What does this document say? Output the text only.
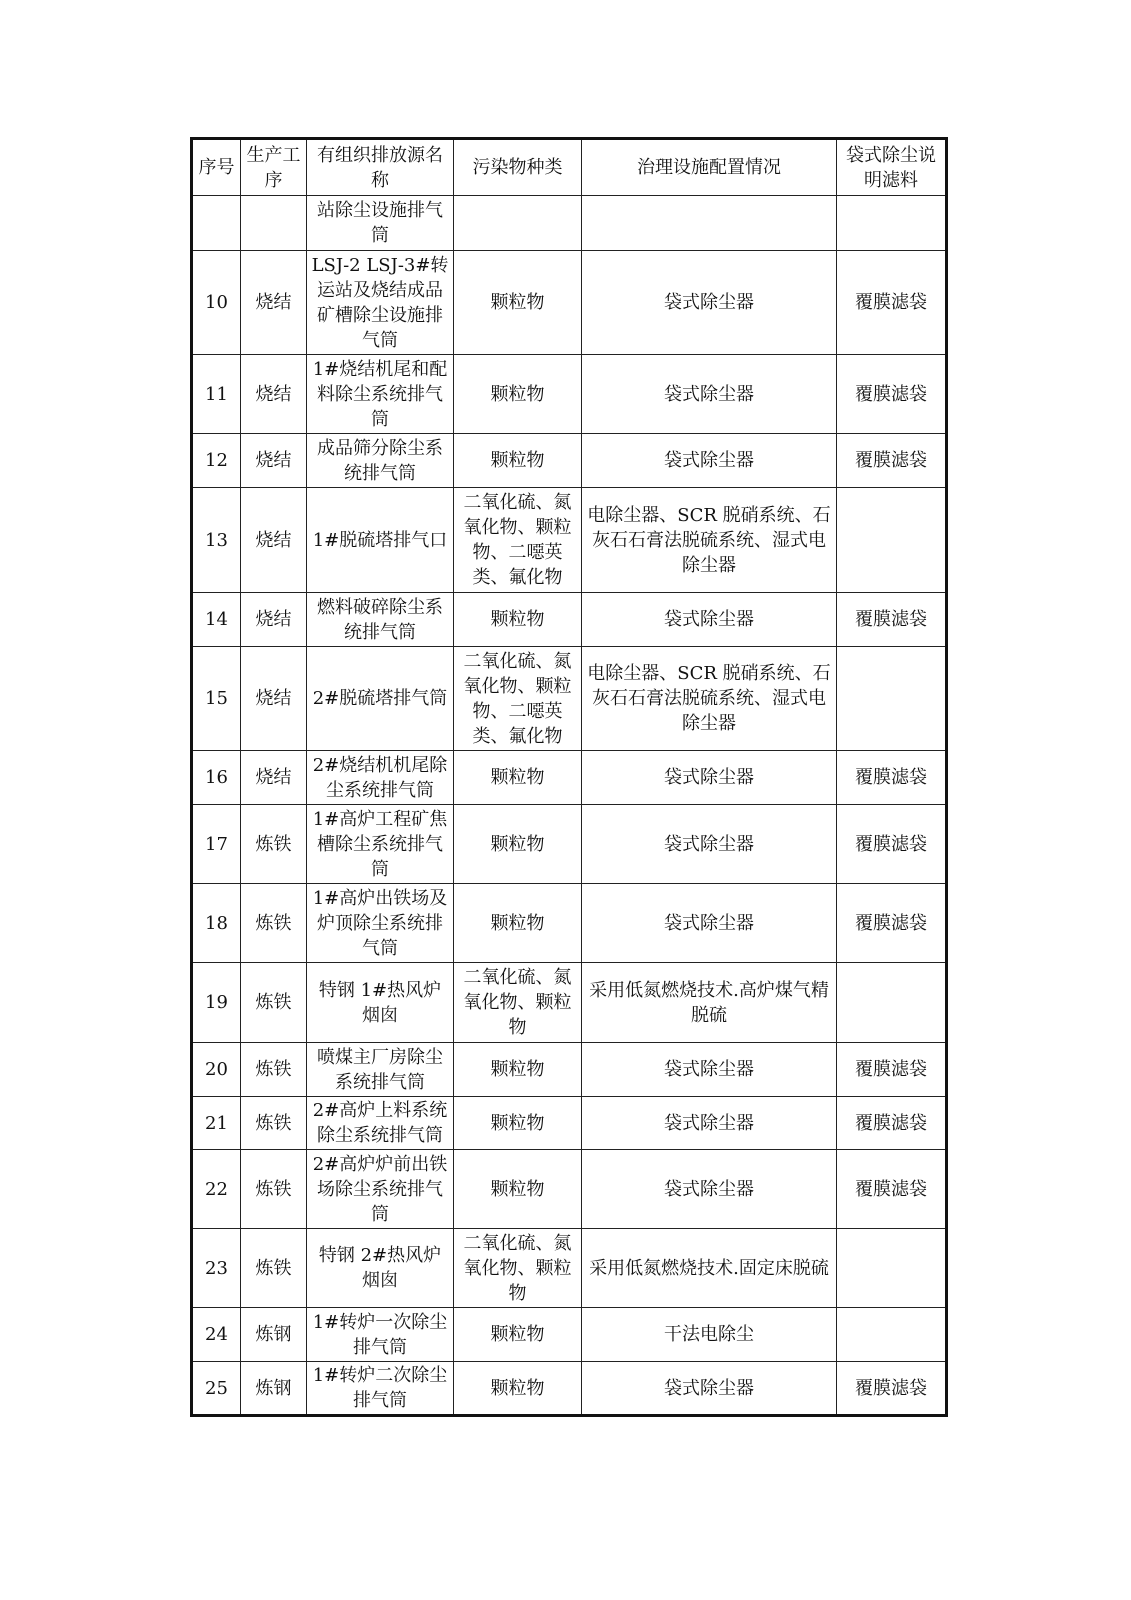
序号	生产工序	有组织排放源名称	污染物种类	治理设施配置情况	袋式除尘说明滤料
		站除尘设施排气筒			
10	烧结	LSJ-2 LSJ-3#转运站及烧结成品矿槽除尘设施排气筒	颗粒物	袋式除尘器	覆膜滤袋
11	烧结	1#烧结机尾和配料除尘系统排气筒	颗粒物	袋式除尘器	覆膜滤袋
12	烧结	成品筛分除尘系统排气筒	颗粒物	袋式除尘器	覆膜滤袋
13	烧结	1#脱硫塔排气口	二氧化硫、氮氧化物、颗粒物、二噁英类、氟化物	电除尘器、SCR 脱硝系统、石灰石石膏法脱硫系统、湿式电除尘器	
14	烧结	燃料破碎除尘系统排气筒	颗粒物	袋式除尘器	覆膜滤袋
15	烧结	2#脱硫塔排气筒	二氧化硫、氮氧化物、颗粒物、二噁英类、氟化物	电除尘器、SCR 脱硝系统、石灰石石膏法脱硫系统、湿式电除尘器	
16	烧结	2#烧结机机尾除尘系统排气筒	颗粒物	袋式除尘器	覆膜滤袋
17	炼铁	1#高炉工程矿焦槽除尘系统排气筒	颗粒物	袋式除尘器	覆膜滤袋
18	炼铁	1#高炉出铁场及炉顶除尘系统排气筒	颗粒物	袋式除尘器	覆膜滤袋
19	炼铁	特钢 1#热风炉烟囱	二氧化硫、氮氧化物、颗粒物	采用低氮燃烧技术.高炉煤气精脱硫	
20	炼铁	喷煤主厂房除尘系统排气筒	颗粒物	袋式除尘器	覆膜滤袋
21	炼铁	2#高炉上料系统除尘系统排气筒	颗粒物	袋式除尘器	覆膜滤袋
22	炼铁	2#高炉炉前出铁场除尘系统排气筒	颗粒物	袋式除尘器	覆膜滤袋
23	炼铁	特钢 2#热风炉烟囱	二氧化硫、氮氧化物、颗粒物	采用低氮燃烧技术.固定床脱硫	
24	炼钢	1#转炉一次除尘排气筒	颗粒物	干法电除尘	
25	炼钢	1#转炉二次除尘排气筒	颗粒物	袋式除尘器	覆膜滤袋
